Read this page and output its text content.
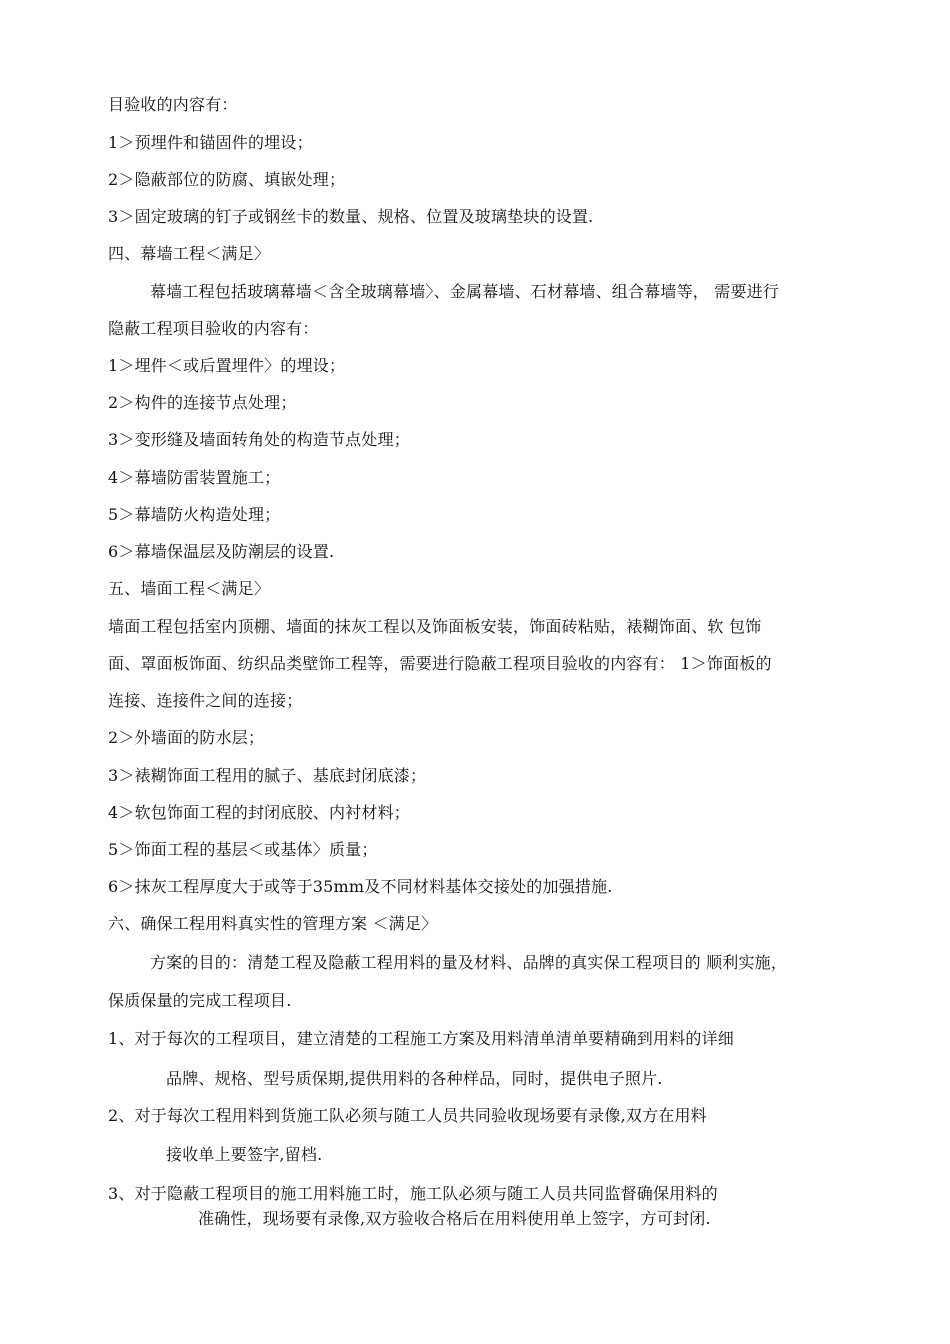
目验收的内容有：
1＞预埋件和锚固件的埋设；
2＞隐蔽部位的防腐、填嵌处理；
3＞固定玻璃的钉子或钢丝卡的数量、规格、位置及玻璃垫块的设置.
四、幕墙工程＜满足〉
幕墙工程包括玻璃幕墙＜含全玻璃幕墙〉、金属幕墙、石材幕墙、组合幕墙等， 需要进行
隐蔽工程项目验收的内容有：
1＞埋件＜或后置埋件〉的埋设；
2＞构件的连接节点处理；
3＞变形缝及墙面转角处的构造节点处理；
4＞幕墙防雷装置施工；
5＞幕墙防火构造处理；
6＞幕墙保温层及防潮层的设置.
五、墙面工程＜满足〉
墙面工程包括室内顶棚、墙面的抹灰工程以及饰面板安装，饰面砖粘贴，裱糊饰面、软 包饰
面、罩面板饰面、纺织品类壁饰工程等，需要进行隐蔽工程项目验收的内容有： 1＞饰面板的
连接、连接件之间的连接；
2＞外墙面的防水层；
3＞裱糊饰面工程用的腻子、基底封闭底漆；
4＞软包饰面工程的封闭底胶、内衬材料；
5＞饰面工程的基层＜或基体〉质量；
6＞抹灰工程厚度大于或等于35mm及不同材料基体交接处的加强措施.
六、确保工程用料真实性的管理方案 ＜满足〉
方案的目的：清楚工程及隐蔽工程用料的量及材料、品牌的真实保工程项目的 顺利实施，
保质保量的完成工程项目.
1、对于每次的工程项目，建立清楚的工程施工方案及用料清单清单要精确到用料的详细
品牌、规格、型号质保期,提供用料的各种样品，同时，提供电子照片.
2、对于每次工程用料到货施工队必须与随工人员共同验收现场要有录像,双方在用料
接收单上要签字,留档.
3、对于隐蔽工程项目的施工用料施工时，施工队必须与随工人员共同监督确保用料的
准确性，现场要有录像,双方验收合格后在用料使用单上签字，方可封闭.
